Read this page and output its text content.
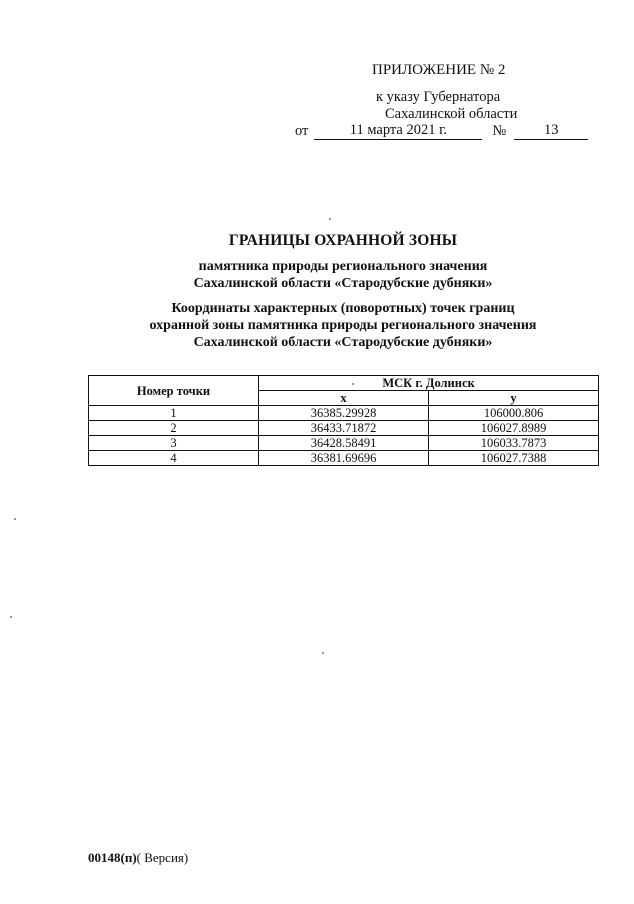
ПРИЛОЖЕНИЕ № 2
к указу Губернатора
Сахалинской области
от	11 марта 2021 г.	№	13
ГРАНИЦЫ ОХРАННОЙ ЗОНЫ
памятника природы регионального значения
Сахалинской области «Стародубские дубняки»
Координаты характерных (поворотных) точек границ
охранной зоны памятника природы регионального значения
Сахалинской области «Стародубские дубняки»
Номер точки	МСК г. Долинск	
	x	y
1	36385.29928	106000.806
2	36433.71872	106027.8989
3	36428.58491	106033.7873
4	36381.69696	106027.7388
00148(п)( Версия)
